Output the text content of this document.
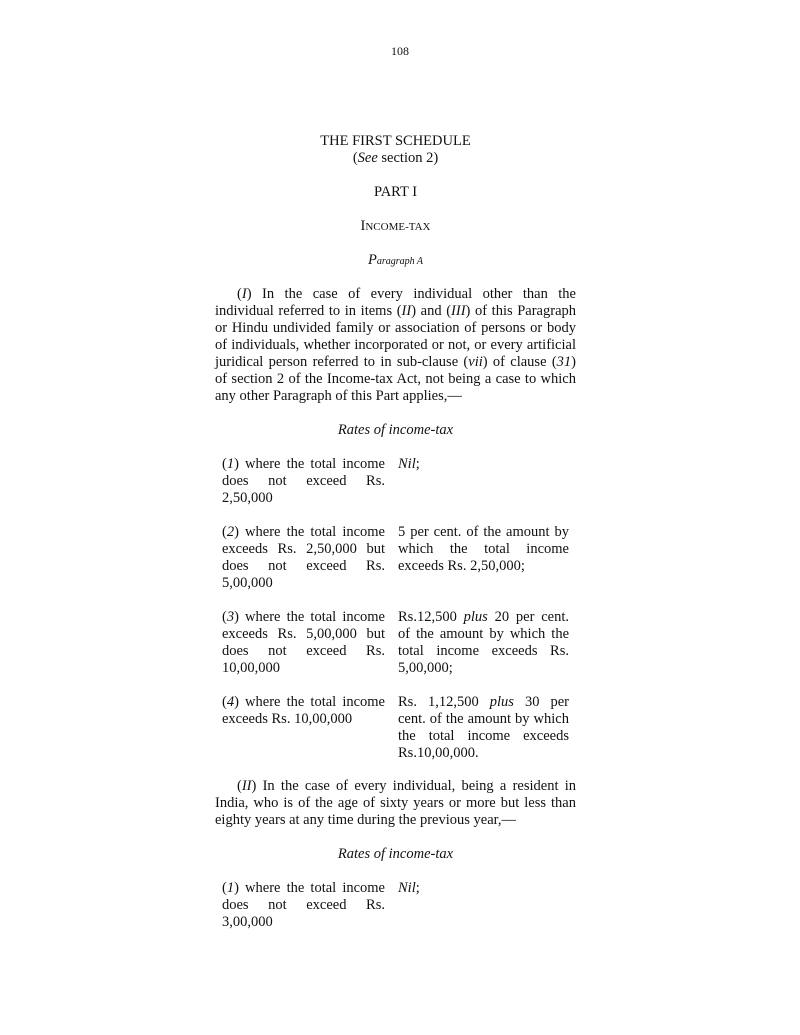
108
THE FIRST SCHEDULE
(See section 2)
PART I
INCOME-TAX
Paragraph A
(I) In the case of every individual other than the individual referred to in items (II) and (III) of this Paragraph or Hindu undivided family or association of persons or body of individuals, whether incorporated or not, or every artificial juridical person referred to in sub-clause (vii) of clause (31) of section 2 of the Income-tax Act, not being a case to which any other Paragraph of this Part applies,—
Rates of income-tax
(1) where the total income does not exceed Rs. 2,50,000
Nil;
(2) where the total income exceeds Rs. 2,50,000 but does not exceed Rs. 5,00,000
5 per cent. of the amount by which the total income exceeds Rs. 2,50,000;
(3) where the total income exceeds Rs. 5,00,000 but does not exceed Rs. 10,00,000
Rs.12,500 plus 20 per cent. of the amount by which the total income exceeds Rs. 5,00,000;
(4) where the total income exceeds Rs. 10,00,000
Rs. 1,12,500 plus 30 per cent. of the amount by which the total income exceeds Rs.10,00,000.
(II) In the case of every individual, being a resident in India, who is of the age of sixty years or more but less than eighty years at any time during the previous year,—
Rates of income-tax
(1) where the total income does not exceed Rs. 3,00,000
Nil;
